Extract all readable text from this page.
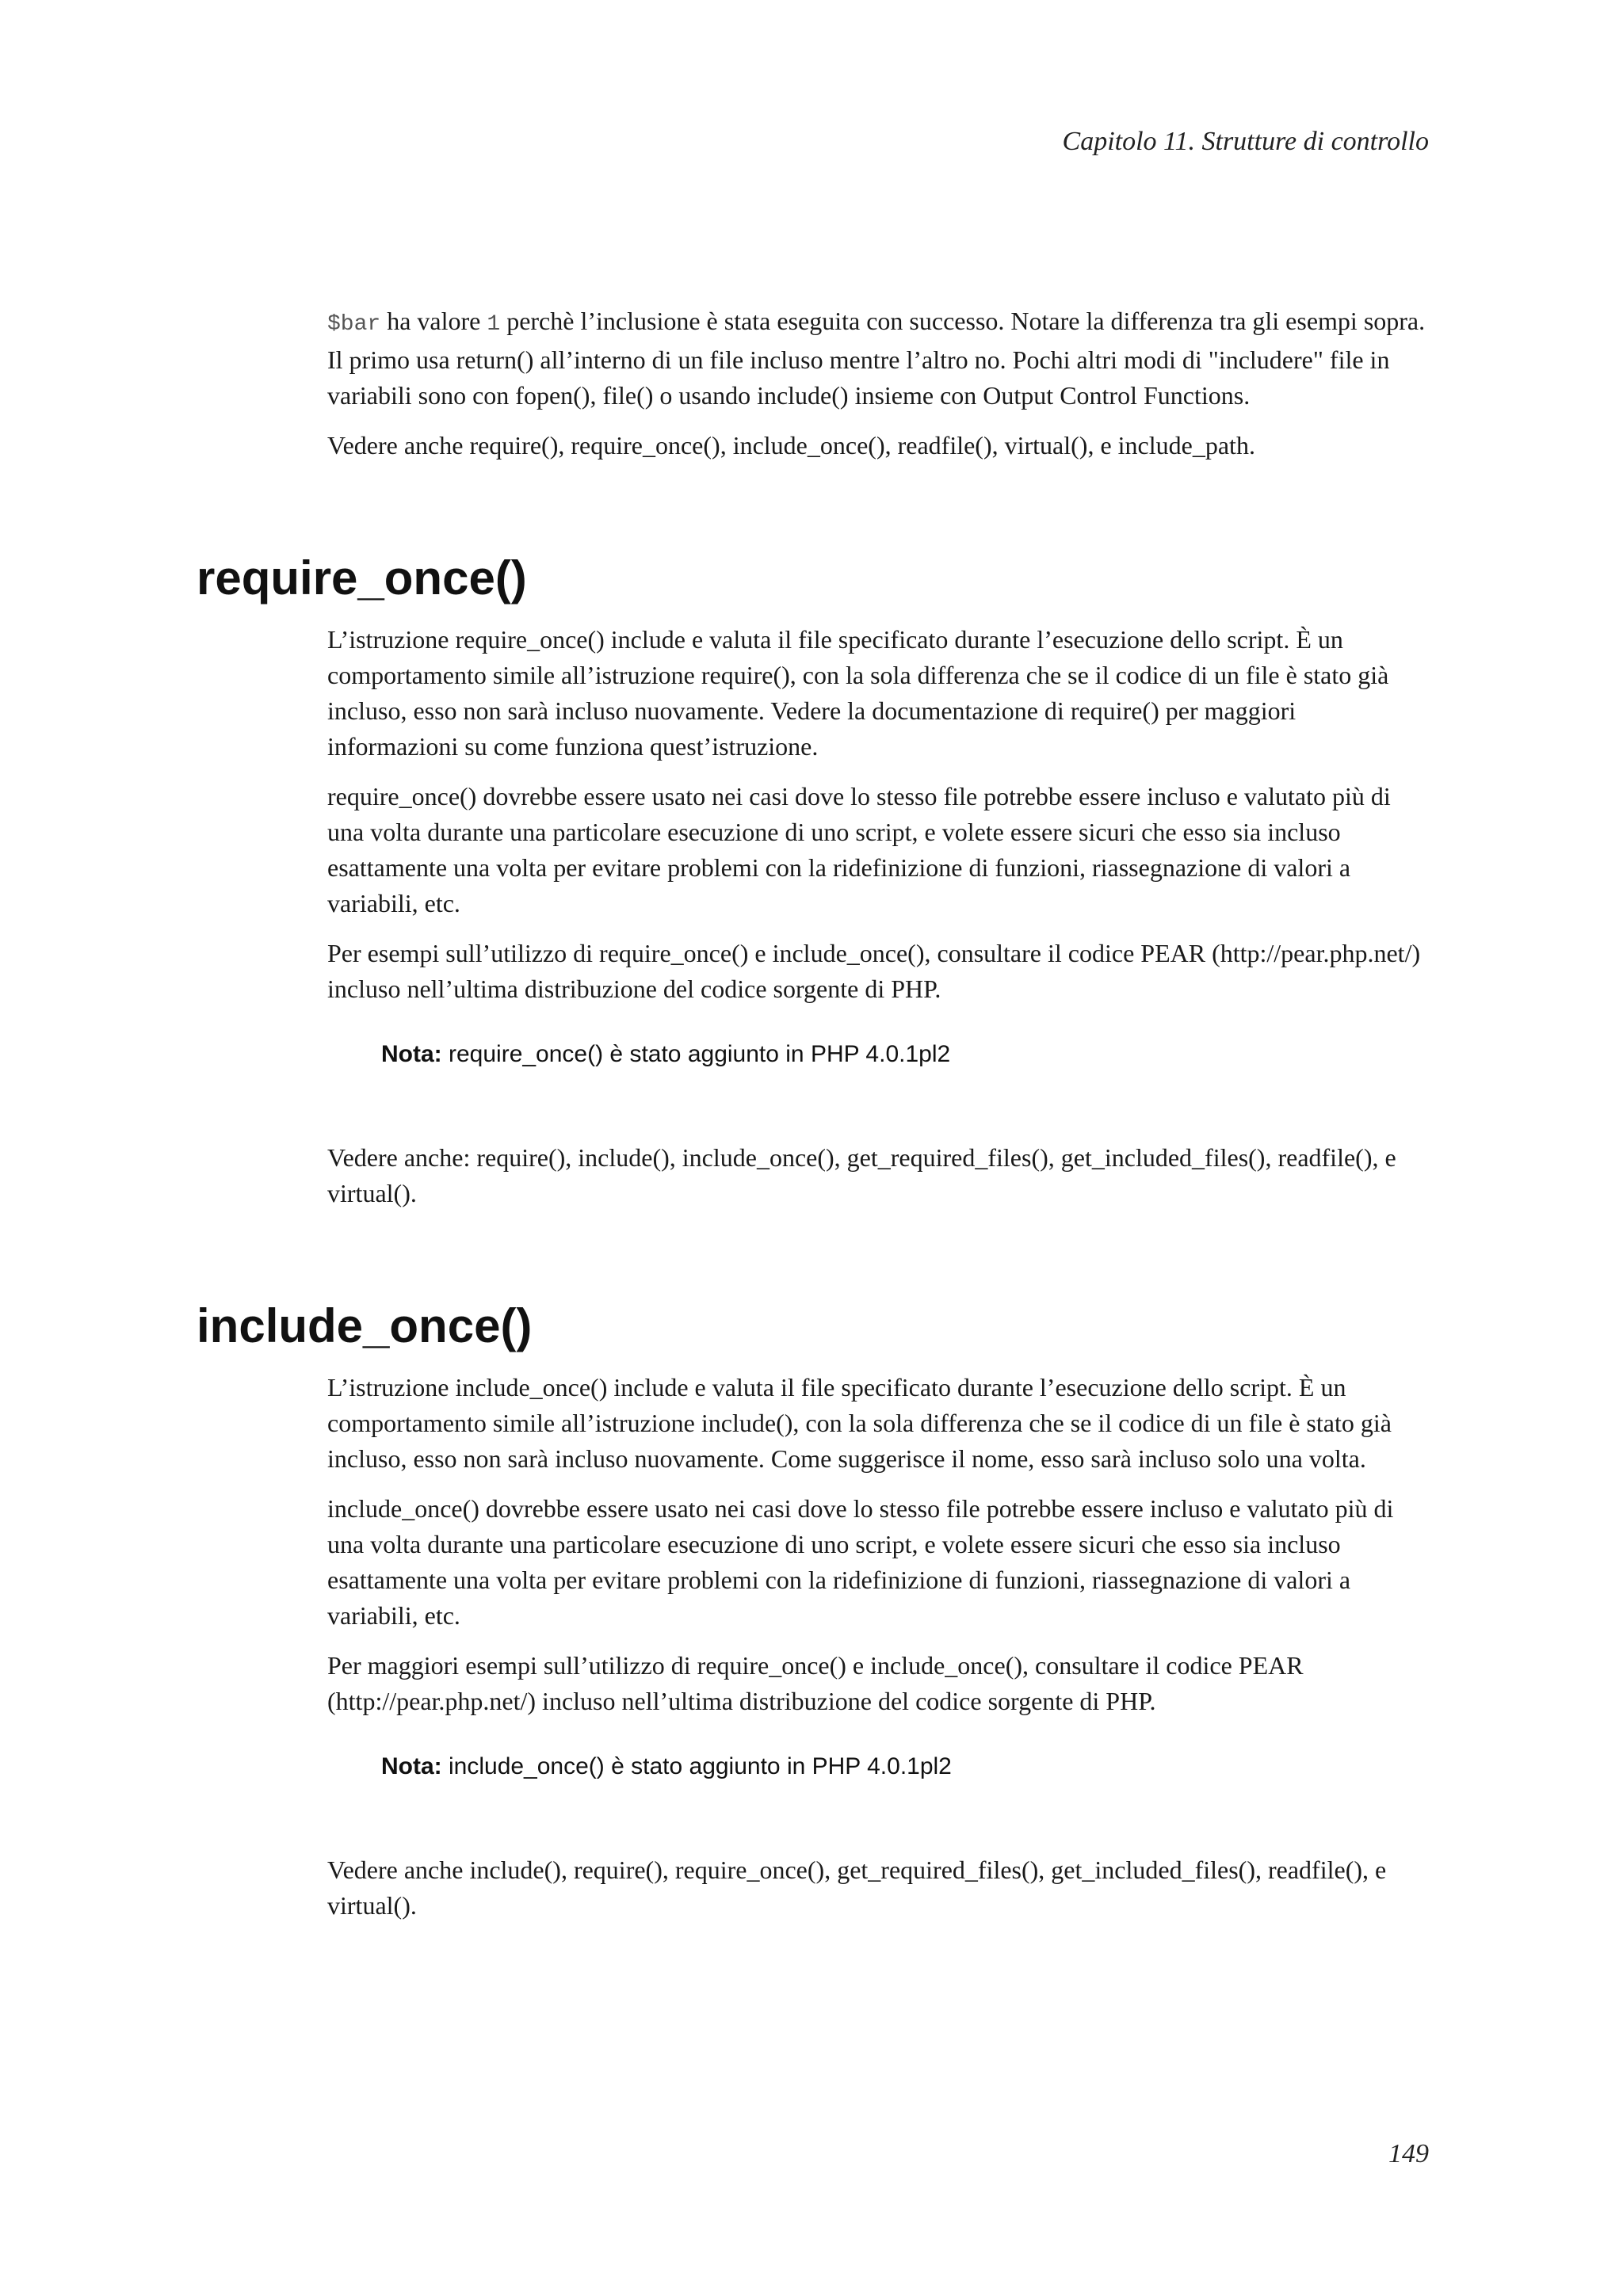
Capitolo 11. Strutture di controllo

$bar ha valore 1 perchè l’inclusione è stata eseguita con successo. Notare la differenza tra gli esempi sopra. Il primo usa return() all’interno di un file incluso mentre l’altro no. Pochi altri modi di "includere" file in variabili sono con fopen(), file() o usando include() insieme con Output Control Functions.

Vedere anche require(), require_once(), include_once(), readfile(), virtual(), e include_path.

require_once()

L’istruzione require_once() include e valuta il file specificato durante l’esecuzione dello script. È un comportamento simile all’istruzione require(), con la sola differenza che se il codice di un file è stato già incluso, esso non sarà incluso nuovamente. Vedere la documentazione di require() per maggiori informazioni su come funziona quest’istruzione.

require_once() dovrebbe essere usato nei casi dove lo stesso file potrebbe essere incluso e valutato più di una volta durante una particolare esecuzione di uno script, e volete essere sicuri che esso sia incluso esattamente una volta per evitare problemi con la ridefinizione di funzioni, riassegnazione di valori a variabili, etc.

Per esempi sull’utilizzo di require_once() e include_once(), consultare il codice PEAR (http://pear.php.net/) incluso nell’ultima distribuzione del codice sorgente di PHP.

Nota: require_once() è stato aggiunto in PHP 4.0.1pl2

Vedere anche: require(), include(), include_once(), get_required_files(), get_included_files(), readfile(), e virtual().

include_once()

L’istruzione include_once() include e valuta il file specificato durante l’esecuzione dello script. È un comportamento simile all’istruzione include(), con la sola differenza che se il codice di un file è stato già incluso, esso non sarà incluso nuovamente. Come suggerisce il nome, esso sarà incluso solo una volta.

include_once() dovrebbe essere usato nei casi dove lo stesso file potrebbe essere incluso e valutato più di una volta durante una particolare esecuzione di uno script, e volete essere sicuri che esso sia incluso esattamente una volta per evitare problemi con la ridefinizione di funzioni, riassegnazione di valori a variabili, etc.

Per maggiori esempi sull’utilizzo di require_once() e include_once(), consultare il codice PEAR (http://pear.php.net/) incluso nell’ultima distribuzione del codice sorgente di PHP.

Nota: include_once() è stato aggiunto in PHP 4.0.1pl2

Vedere anche include(), require(), require_once(), get_required_files(), get_included_files(), readfile(), e virtual().

149
